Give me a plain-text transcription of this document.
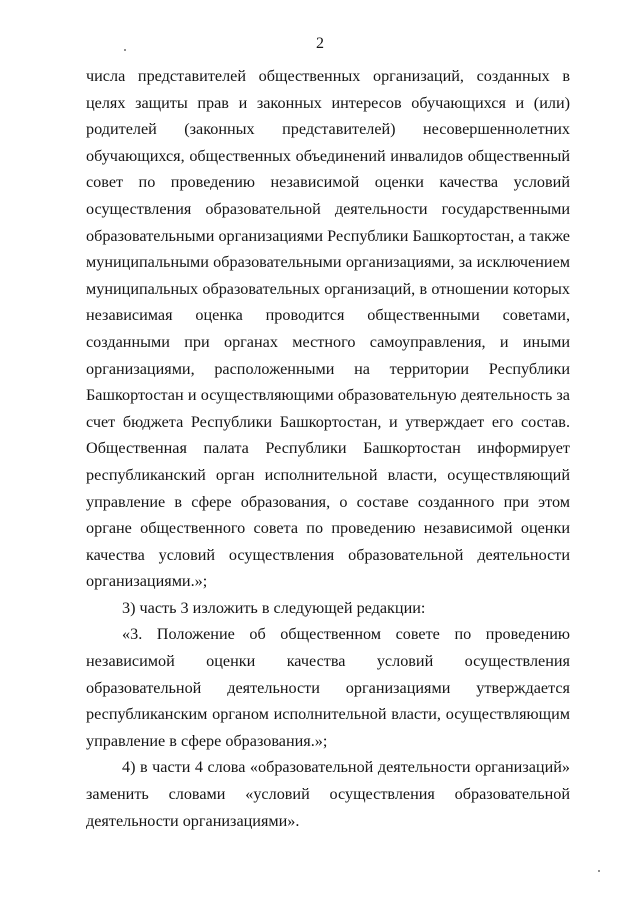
2

числа представителей общественных организаций, созданных в целях защиты прав и законных интересов обучающихся и (или) родителей (законных представителей) несовершеннолетних обучающихся, общественных объединений инвалидов общественный совет по проведению независимой оценки качества условий осуществления образовательной деятельности государственными образовательными организациями Республики Башкортостан, а также муниципальными образовательными организациями, за исключением муниципальных образовательных организаций, в отношении которых независимая оценка проводится общественными советами, созданными при органах местного самоуправления, и иными организациями, расположенными на территории Республики Башкортостан и осуществляющими образовательную деятельность за счет бюджета Республики Башкортостан, и утверждает его состав. Общественная палата Республики Башкортостан информирует республиканский орган исполнительной власти, осуществляющий управление в сфере образования, о составе созданного при этом органе общественного совета по проведению независимой оценки качества условий осуществления образовательной деятельности организациями.»;

3) часть 3 изложить в следующей редакции:

«3. Положение об общественном совете по проведению независимой оценки качества условий осуществления образовательной деятельности организациями утверждается республиканским органом исполнительной власти, осуществляющим управление в сфере образования.»;

4) в части 4 слова «образовательной деятельности организаций» заменить словами «условий осуществления образовательной деятельности организациями».
